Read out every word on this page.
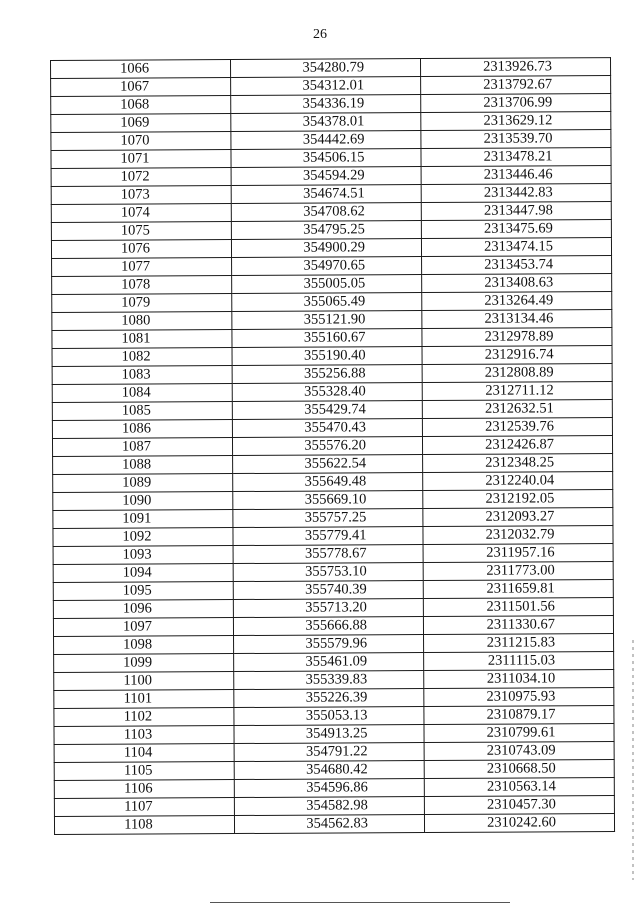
26
1066	354280.79	2313926.73
1067	354312.01	2313792.67
1068	354336.19	2313706.99
1069	354378.01	2313629.12
1070	354442.69	2313539.70
1071	354506.15	2313478.21
1072	354594.29	2313446.46
1073	354674.51	2313442.83
1074	354708.62	2313447.98
1075	354795.25	2313475.69
1076	354900.29	2313474.15
1077	354970.65	2313453.74
1078	355005.05	2313408.63
1079	355065.49	2313264.49
1080	355121.90	2313134.46
1081	355160.67	2312978.89
1082	355190.40	2312916.74
1083	355256.88	2312808.89
1084	355328.40	2312711.12
1085	355429.74	2312632.51
1086	355470.43	2312539.76
1087	355576.20	2312426.87
1088	355622.54	2312348.25
1089	355649.48	2312240.04
1090	355669.10	2312192.05
1091	355757.25	2312093.27
1092	355779.41	2312032.79
1093	355778.67	2311957.16
1094	355753.10	2311773.00
1095	355740.39	2311659.81
1096	355713.20	2311501.56
1097	355666.88	2311330.67
1098	355579.96	2311215.83
1099	355461.09	2311115.03
1100	355339.83	2311034.10
1101	355226.39	2310975.93
1102	355053.13	2310879.17
1103	354913.25	2310799.61
1104	354791.22	2310743.09
1105	354680.42	2310668.50
1106	354596.86	2310563.14
1107	354582.98	2310457.30
1108	354562.83	2310242.60
